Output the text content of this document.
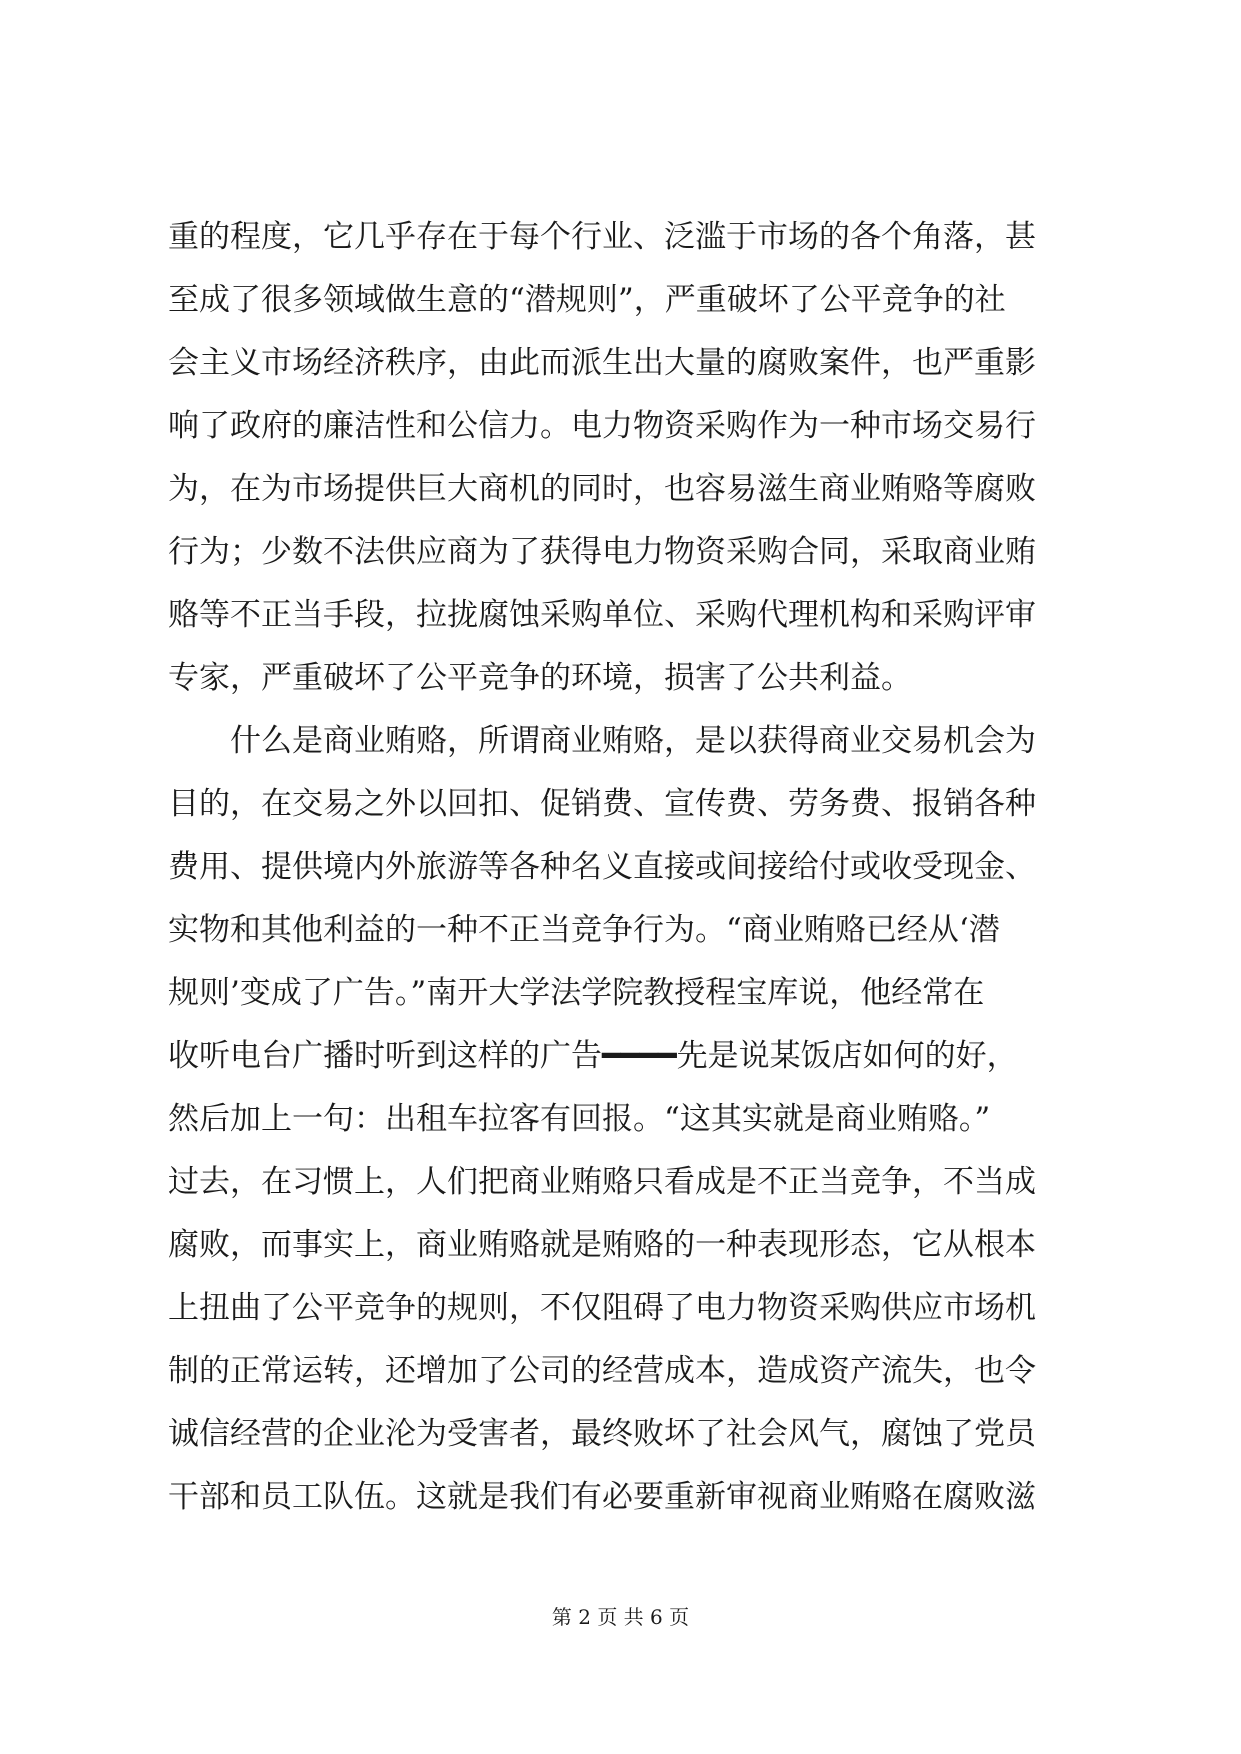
重的程度，它几乎存在于每个行业、泛滥于市场的各个角落，甚
至成了很多领域做生意的“潜规则”，严重破坏了公平竞争的社
会主义市场经济秩序，由此而派生出大量的腐败案件，也严重影
响了政府的廉洁性和公信力。电力物资采购作为一种市场交易行
为，在为市场提供巨大商机的同时，也容易滋生商业贿赂等腐败
行为；少数不法供应商为了获得电力物资采购合同，采取商业贿
赂等不正当手段，拉拢腐蚀采购单位、采购代理机构和采购评审
专家，严重破坏了公平竞争的环境，损害了公共利益。
　　什么是商业贿赂，所谓商业贿赂，是以获得商业交易机会为
目的，在交易之外以回扣、促销费、宣传费、劳务费、报销各种
费用、提供境内外旅游等各种名义直接或间接给付或收受现金、
实物和其他利益的一种不正当竞争行为。“商业贿赂已经从‘潜
规则’变成了广告。”南开大学法学院教授程宝库说，他经常在
收听电台广播时听到这样的广告━━━━先是说某饭店如何的好，
然后加上一句：出租车拉客有回报。“这其实就是商业贿赂。”
过去，在习惯上，人们把商业贿赂只看成是不正当竞争，不当成
腐败，而事实上，商业贿赂就是贿赂的一种表现形态，它从根本
上扭曲了公平竞争的规则，不仅阻碍了电力物资采购供应市场机
制的正常运转，还增加了公司的经营成本，造成资产流失，也令
诚信经营的企业沦为受害者，最终败坏了社会风气，腐蚀了党员
干部和员工队伍。这就是我们有必要重新审视商业贿赂在腐败滋
第 2 页 共 6 页
